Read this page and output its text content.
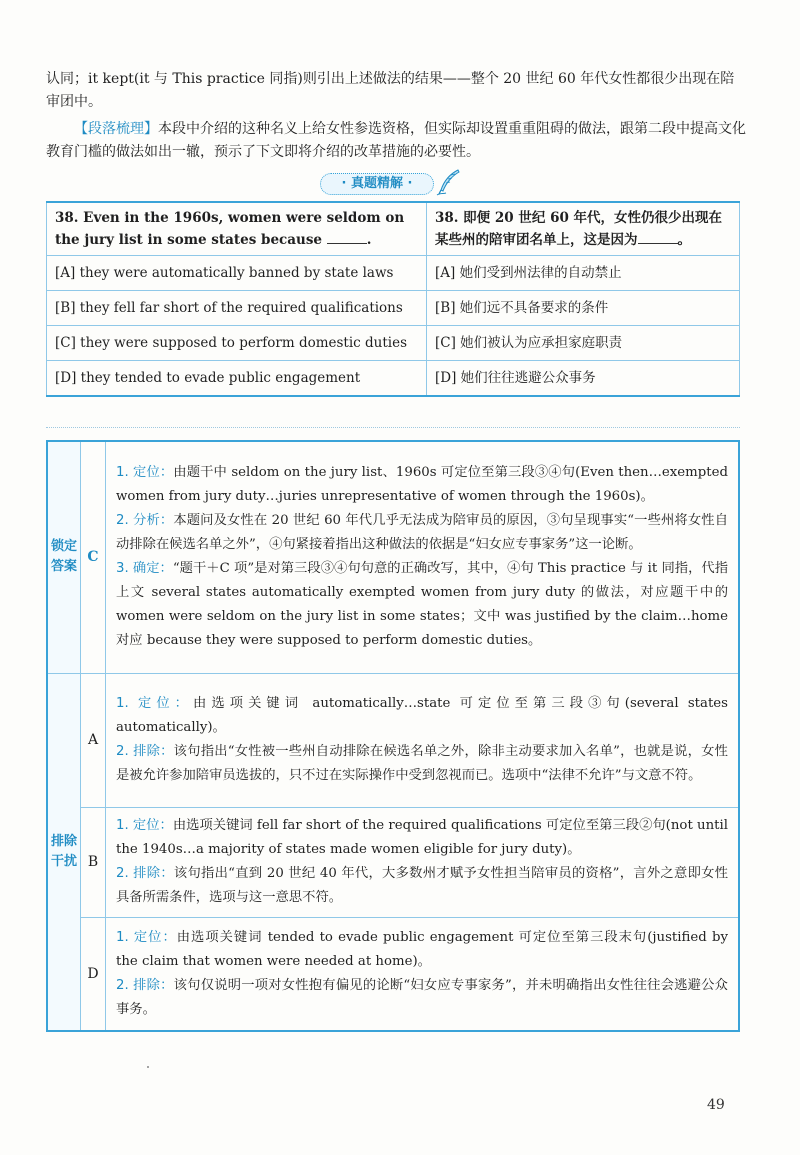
认同；it kept(it 与 This practice 同指)则引出上述做法的结果——整个 20 世纪 60 年代女性都很少出现在陪审团中。
【段落梳理】本段中介绍的这种名义上给女性参选资格，但实际却设置重重阻碍的做法，跟第二段中提高文化教育门槛的做法如出一辙，预示了下文即将介绍的改革措施的必要性。
· 真题精解 ·
38. Even in the 1960s, women were seldom on the jury list in some states because .	38. 即便 20 世纪 60 年代，女性仍很少出现在某些州的陪审团名单上，这是因为 。
[A] they were automatically banned by state laws	[A] 她们受到州法律的自动禁止
[B] they fell far short of the required qualifications	[B] 她们远不具备要求的条件
[C] they were supposed to perform domestic duties	[C] 她们被认为应承担家庭职责
[D] they tended to evade public engagement	[D] 她们往往逃避公众事务
锁定答案	C	1. 定位：由题干中 seldom on the jury list、1960s 可定位至第三段③④句(Even then…exempted women from jury duty…juries unrepresentative of women through the 1960s)。
2. 分析：本题问及女性在 20 世纪 60 年代几乎无法成为陪审员的原因，③句呈现事实“一些州将女性自动排除在候选名单之外”，④句紧接着指出这种做法的依据是“妇女应专事家务”这一论断。
3. 确定：“题干＋C 项”是对第三段③④句句意的正确改写，其中，④句 This practice 与 it 同指，代指上文 several states automatically exempted women from jury duty 的做法，对应题干中的 women were seldom on the jury list in some states；文中 was justified by the claim…home 对应 because they were supposed to perform domestic duties。

排除干扰	A	1. 定位：由选项关键词 automatically…state 可定位至第三段③句(several states automatically)。
2. 排除：该句指出“女性被一些州自动排除在候选名单之外，除非主动要求加入名单”，也就是说，女性是被允许参加陪审员选拔的，只不过在实际操作中受到忽视而已。选项中“法律不允许”与文意不符。

	B	1. 定位：由选项关键词 fell far short of the required qualifications 可定位至第三段②句(not until the 1940s…a majority of states made women eligible for jury duty)。
2. 排除：该句指出“直到 20 世纪 40 年代，大多数州才赋予女性担当陪审员的资格”，言外之意即女性具备所需条件，选项与这一意思不符。

	D	1. 定位：由选项关键词 tended to evade public engagement 可定位至第三段末句(justified by the claim that women were needed at home)。
2. 排除：该句仅说明一项对女性抱有偏见的论断“妇女应专事家务”，并未明确指出女性往往会逃避公众事务。
49
